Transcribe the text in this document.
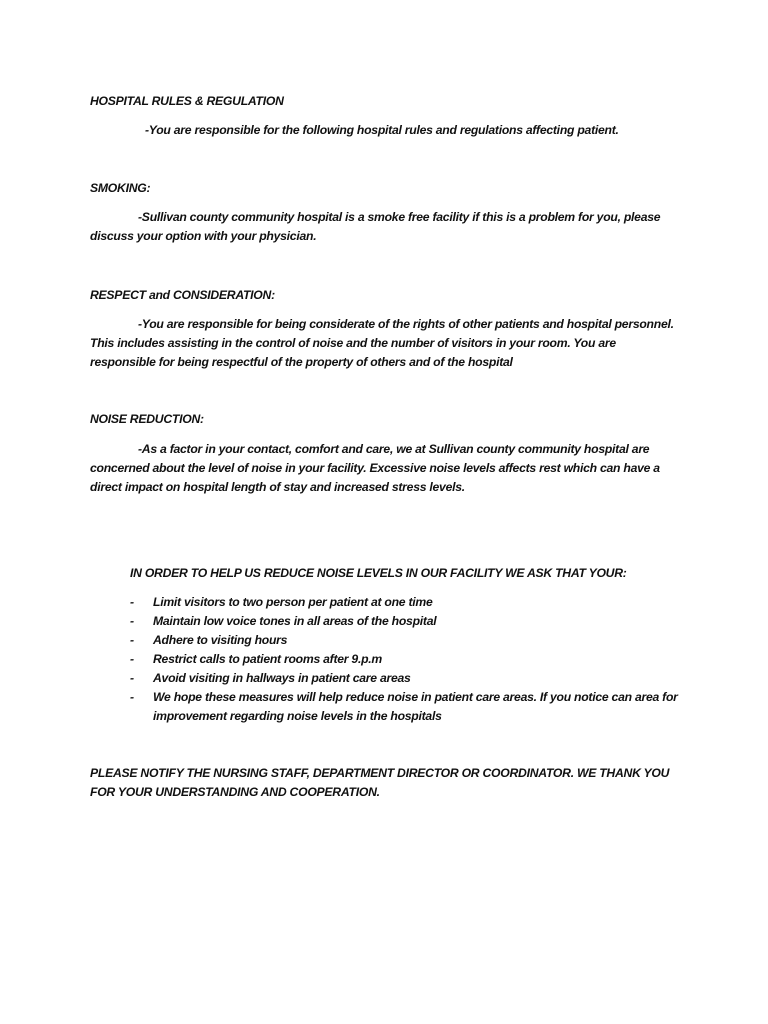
HOSPITAL RULES & REGULATION
-You are responsible for the following hospital rules and regulations affecting patient.
SMOKING:
-Sullivan county community hospital is a smoke free facility if this is a problem for you, please discuss your option with your physician.
RESPECT and CONSIDERATION:
-You are responsible for being considerate of the rights of other patients and hospital personnel. This includes assisting in the control of noise and the number of visitors in your room. You are responsible for being respectful of the property of others and of the hospital
NOISE REDUCTION:
-As a factor in your contact, comfort and care, we at Sullivan county community hospital are concerned about the level of noise in your facility. Excessive noise levels affects rest which can have a direct impact on hospital length of stay and increased stress levels.
IN ORDER TO HELP US REDUCE NOISE LEVELS IN OUR FACILITY WE ASK THAT YOUR:
- Limit visitors to two person per patient at one time
- Maintain low voice tones in all areas of the hospital
- Adhere to visiting hours
- Restrict calls to patient rooms after 9.p.m
- Avoid visiting in hallways in patient care areas
- We hope these measures will help reduce noise in patient care areas. If you notice can area for improvement regarding noise levels in the hospitals
PLEASE NOTIFY THE NURSING STAFF, DEPARTMENT DIRECTOR OR COORDINATOR. WE THANK YOU FOR YOUR UNDERSTANDING AND COOPERATION.
